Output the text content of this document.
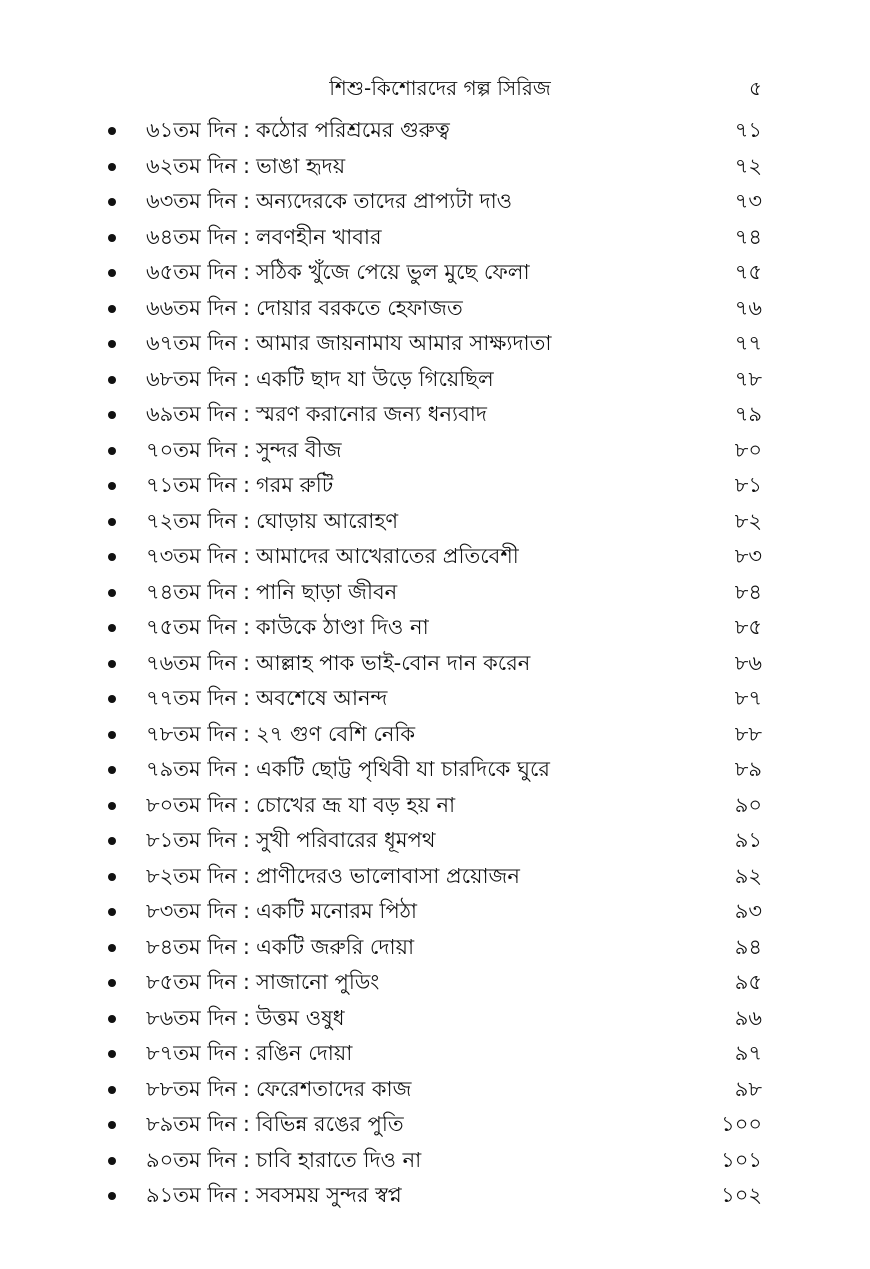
শিশু-কিশোরদের গল্প সিরিজ	৫
৬১তম দিন : কঠোর পরিশ্রমের গুরুত্ব	৭১
৬২তম দিন : ভাঙা হৃদয়	৭২
৬৩তম দিন : অন্যদেরকে তাদের প্রাপ্যটা দাও	৭৩
৬৪তম দিন : লবণহীন খাবার	৭৪
৬৫তম দিন : সঠিক খুঁজে পেয়ে ভুল মুছে ফেলা	৭৫
৬৬তম দিন : দোয়ার বরকতে হেফাজত	৭৬
৬৭তম দিন : আমার জায়নামায আমার সাক্ষ্যদাতা	৭৭
৬৮তম দিন : একটি ছাদ যা উড়ে গিয়েছিল	৭৮
৬৯তম দিন : স্মরণ করানোর জন্য ধন্যবাদ	৭৯
৭০তম দিন : সুন্দর বীজ	৮০
৭১তম দিন : গরম রুটি	৮১
৭২তম দিন : ঘোড়ায় আরোহণ	৮২
৭৩তম দিন : আমাদের আখেরাতের প্রতিবেশী	৮৩
৭৪তম দিন : পানি ছাড়া জীবন	৮৪
৭৫তম দিন : কাউকে ঠাণ্ডা দিও না	৮৫
৭৬তম দিন : আল্লাহ পাক ভাই-বোন দান করেন	৮৬
৭৭তম দিন : অবশেষে আনন্দ	৮৭
৭৮তম দিন : ২৭ গুণ বেশি নেকি	৮৮
৭৯তম দিন : একটি ছোট্ট পৃথিবী যা চারদিকে ঘুরে	৮৯
৮০তম দিন : চোখের ভ্রূ যা বড় হয় না	৯০
৮১তম দিন : সুখী পরিবারের ধূমপথ	৯১
৮২তম দিন : প্রাণীদেরও ভালোবাসা প্রয়োজন	৯২
৮৩তম দিন : একটি মনোরম পিঠা	৯৩
৮৪তম দিন : একটি জরুরি দোয়া	৯৪
৮৫তম দিন : সাজানো পুডিং	৯৫
৮৬তম দিন : উত্তম ওষুধ	৯৬
৮৭তম দিন : রঙিন দোয়া	৯৭
৮৮তম দিন : ফেরেশতাদের কাজ	৯৮
৮৯তম দিন : বিভিন্ন রঙের পুতি	১০০
৯০তম দিন : চাবি হারাতে দিও না	১০১
৯১তম দিন : সবসময় সুন্দর স্বপ্ন	১০২
